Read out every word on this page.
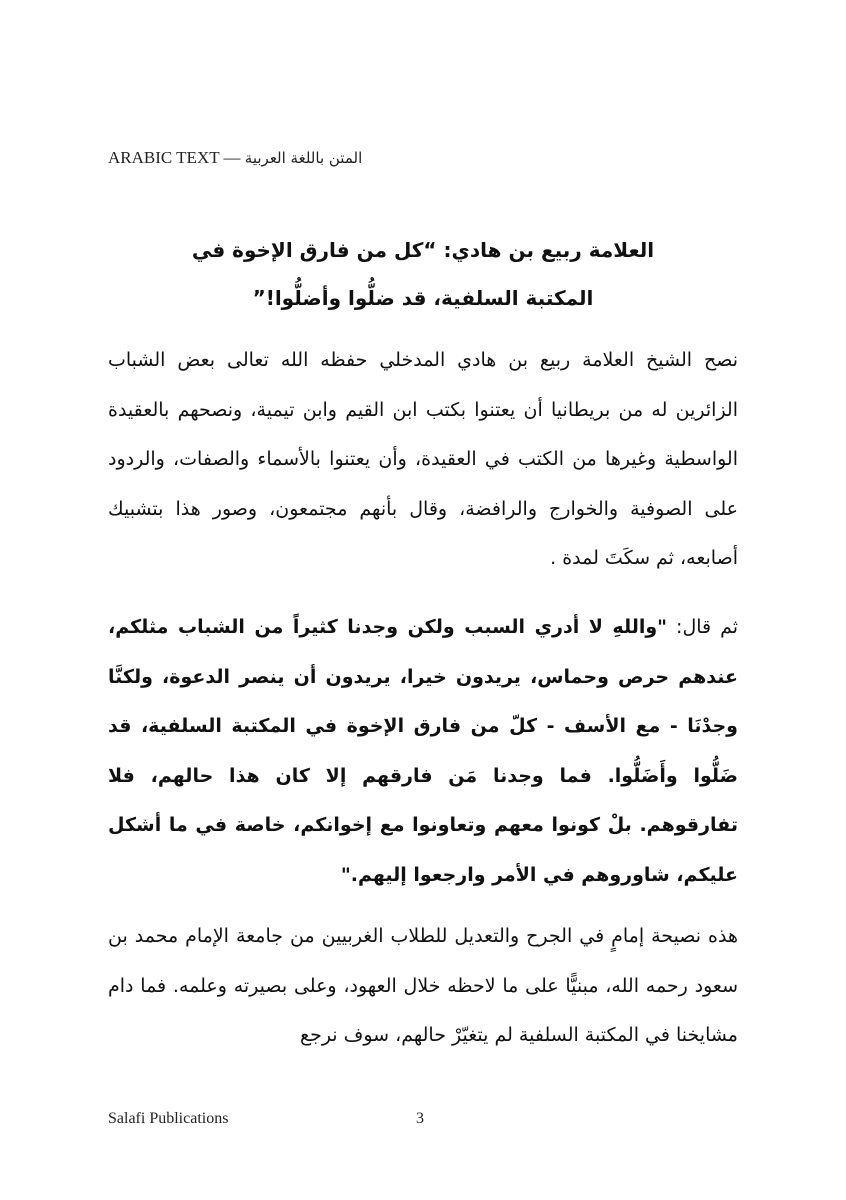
ARABIC TEXT — المتن باللغة العربية
العلامة ربيع بن هادي: “كل من فارق الإخوة في
المكتبة السلفية، قد ضلُّوا وأضلُّوا!”

نصح الشيخ العلامة ربيع بن هادي المدخلي حفظه الله تعالى بعض الشباب الزائرين له من بريطانيا أن يعتنوا بكتب ابن القيم وابن تيمية، ونصحهم بالعقيدة الواسطية وغيرها من الكتب في العقيدة، وأن يعتنوا بالأسماء والصفات، والردود على الصوفية والخوارج والرافضة، وقال بأنهم مجتمعون، وصور هذا بتشبيك أصابعه، ثم سكَتَ لمدة .

ثم قال: "واللهِ لا أدري السبب ولكن وجدنا كثيراً من الشباب مثلكم، عندهم حرص وحماس، يريدون خيرا، يريدون أن ينصر الدعوة، ولكنَّا وجدْنَا - مع الأسف - كلّ من فارق الإخوة في المكتبة السلفية، قد ضَلُّوا وأَضَلُّوا. فما وجدنا مَن فارقهم إلا كان هذا حالهم، فلا تفارقوهم. بلْ كونوا معهم وتعاونوا مع إخوانكم، خاصة في ما أشكل عليكم، شاوروهم في الأمر وارجعوا إليهم."

هذه نصيحة إمامٍ في الجرح والتعديل للطلاب الغربيين من جامعة الإمام محمد بن سعود رحمه الله، مبنيًّا على ما لاحظه خلال العهود، وعلى بصيرته وعلمه. فما دام مشايخنا في المكتبة السلفية لم يتغيّرْ حالهم، سوف نرجع

Salafi Publications	3
